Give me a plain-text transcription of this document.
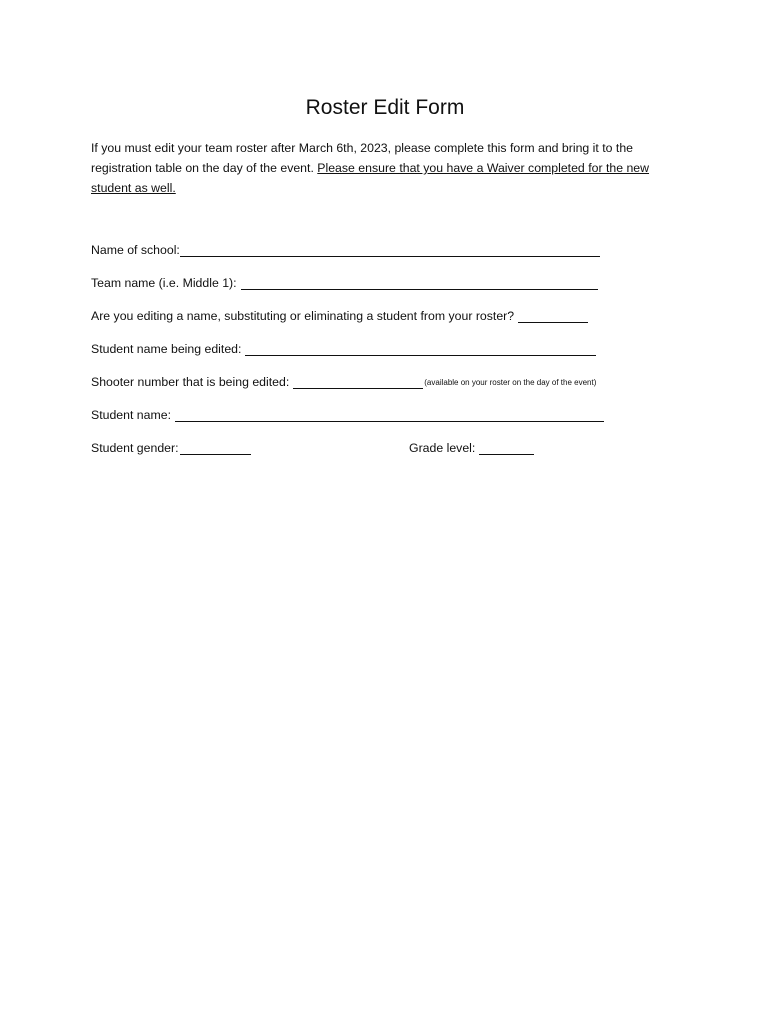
Roster Edit Form
If you must edit your team roster after March 6th, 2023, please complete this form and bring it to the registration table on the day of the event. Please ensure that you have a Waiver completed for the new student as well.
Name of school:
Team name (i.e. Middle 1):
Are you editing a name, substituting or eliminating a student from your roster?
Student name being edited:
Shooter number that is being edited:	(available on your roster on the day of the event)
Student name:
Student gender:	Grade level:
